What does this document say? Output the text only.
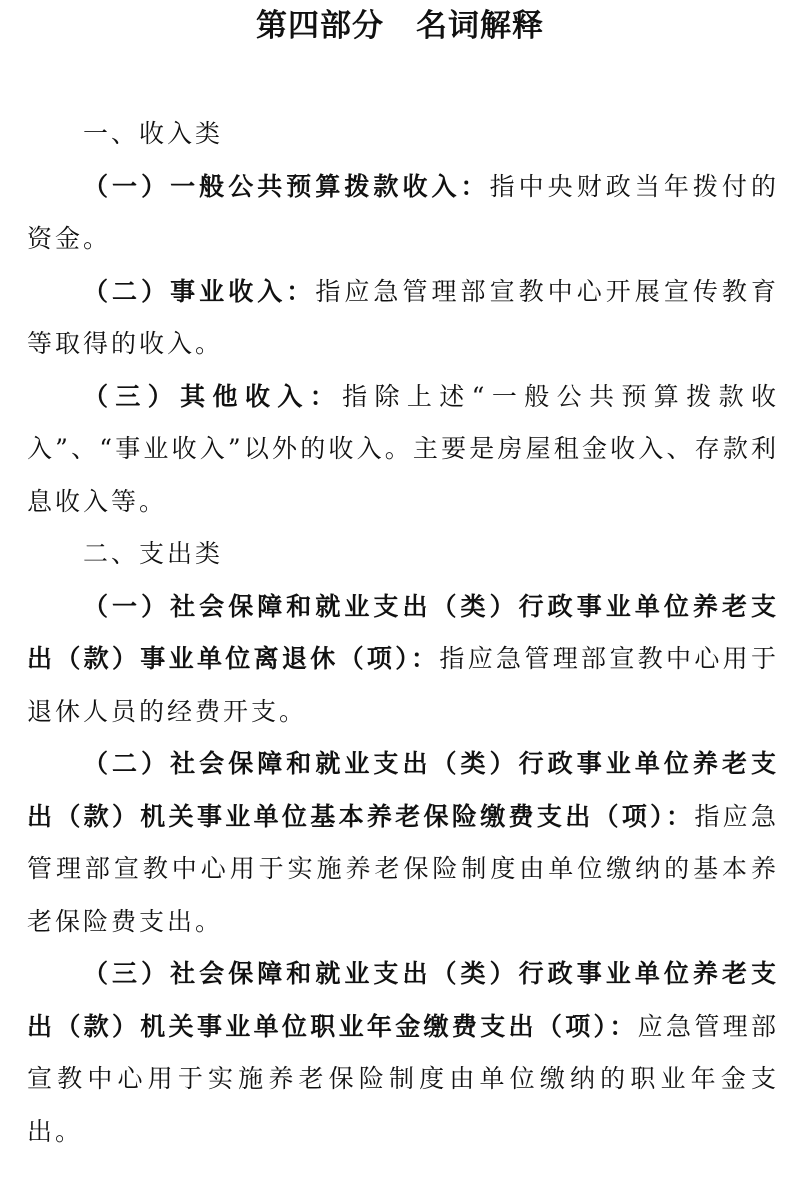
第四部分　名词解释

一、收入类

（一）一般公共预算拨款收入：指中央财政当年拨付的资金。

（二）事业收入：指应急管理部宣教中心开展宣传教育等取得的收入。

（三）其他收入：指除上述“一般公共预算拨款收入”、“事业收入”以外的收入。主要是房屋租金收入、存款利息收入等。

二、支出类

（一）社会保障和就业支出（类）行政事业单位养老支出（款）事业单位离退休（项）：指应急管理部宣教中心用于退休人员的经费开支。

（二）社会保障和就业支出（类）行政事业单位养老支出（款）机关事业单位基本养老保险缴费支出（项）：指应急管理部宣教中心用于实施养老保险制度由单位缴纳的基本养老保险费支出。

（三）社会保障和就业支出（类）行政事业单位养老支出（款）机关事业单位职业年金缴费支出（项）：应急管理部宣教中心用于实施养老保险制度由单位缴纳的职业年金支出。
